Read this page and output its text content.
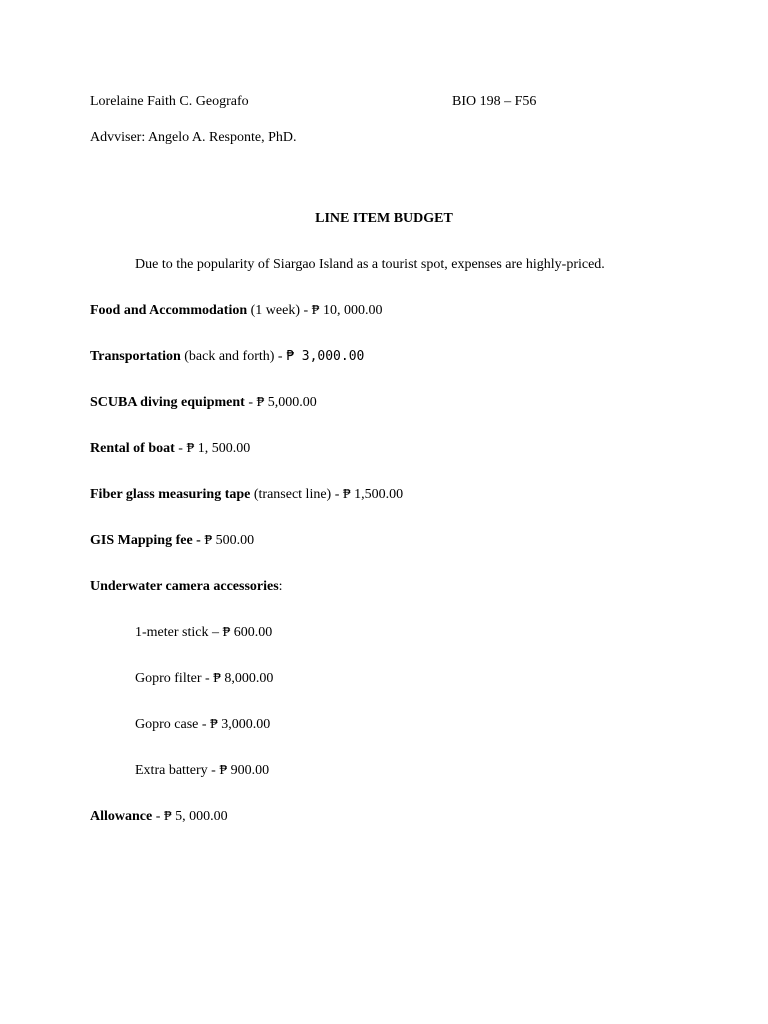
Lorelaine Faith C. Geografo	BIO 198 – F56
Advviser: Angelo A. Responte, PhD.
LINE ITEM BUDGET
Due to the popularity of Siargao Island as a tourist spot, expenses are highly-priced.
Food and Accommodation (1 week) - ₱ 10, 000.00
Transportation (back and forth) - ₱ 3,000.00
SCUBA diving equipment - ₱ 5,000.00
Rental of boat - ₱ 1, 500.00
Fiber glass measuring tape (transect line) - ₱ 1,500.00
GIS Mapping fee - ₱ 500.00
Underwater camera accessories:
1-meter stick – ₱ 600.00
Gopro filter - ₱ 8,000.00
Gopro case - ₱ 3,000.00
Extra battery - ₱ 900.00
Allowance - ₱ 5, 000.00
